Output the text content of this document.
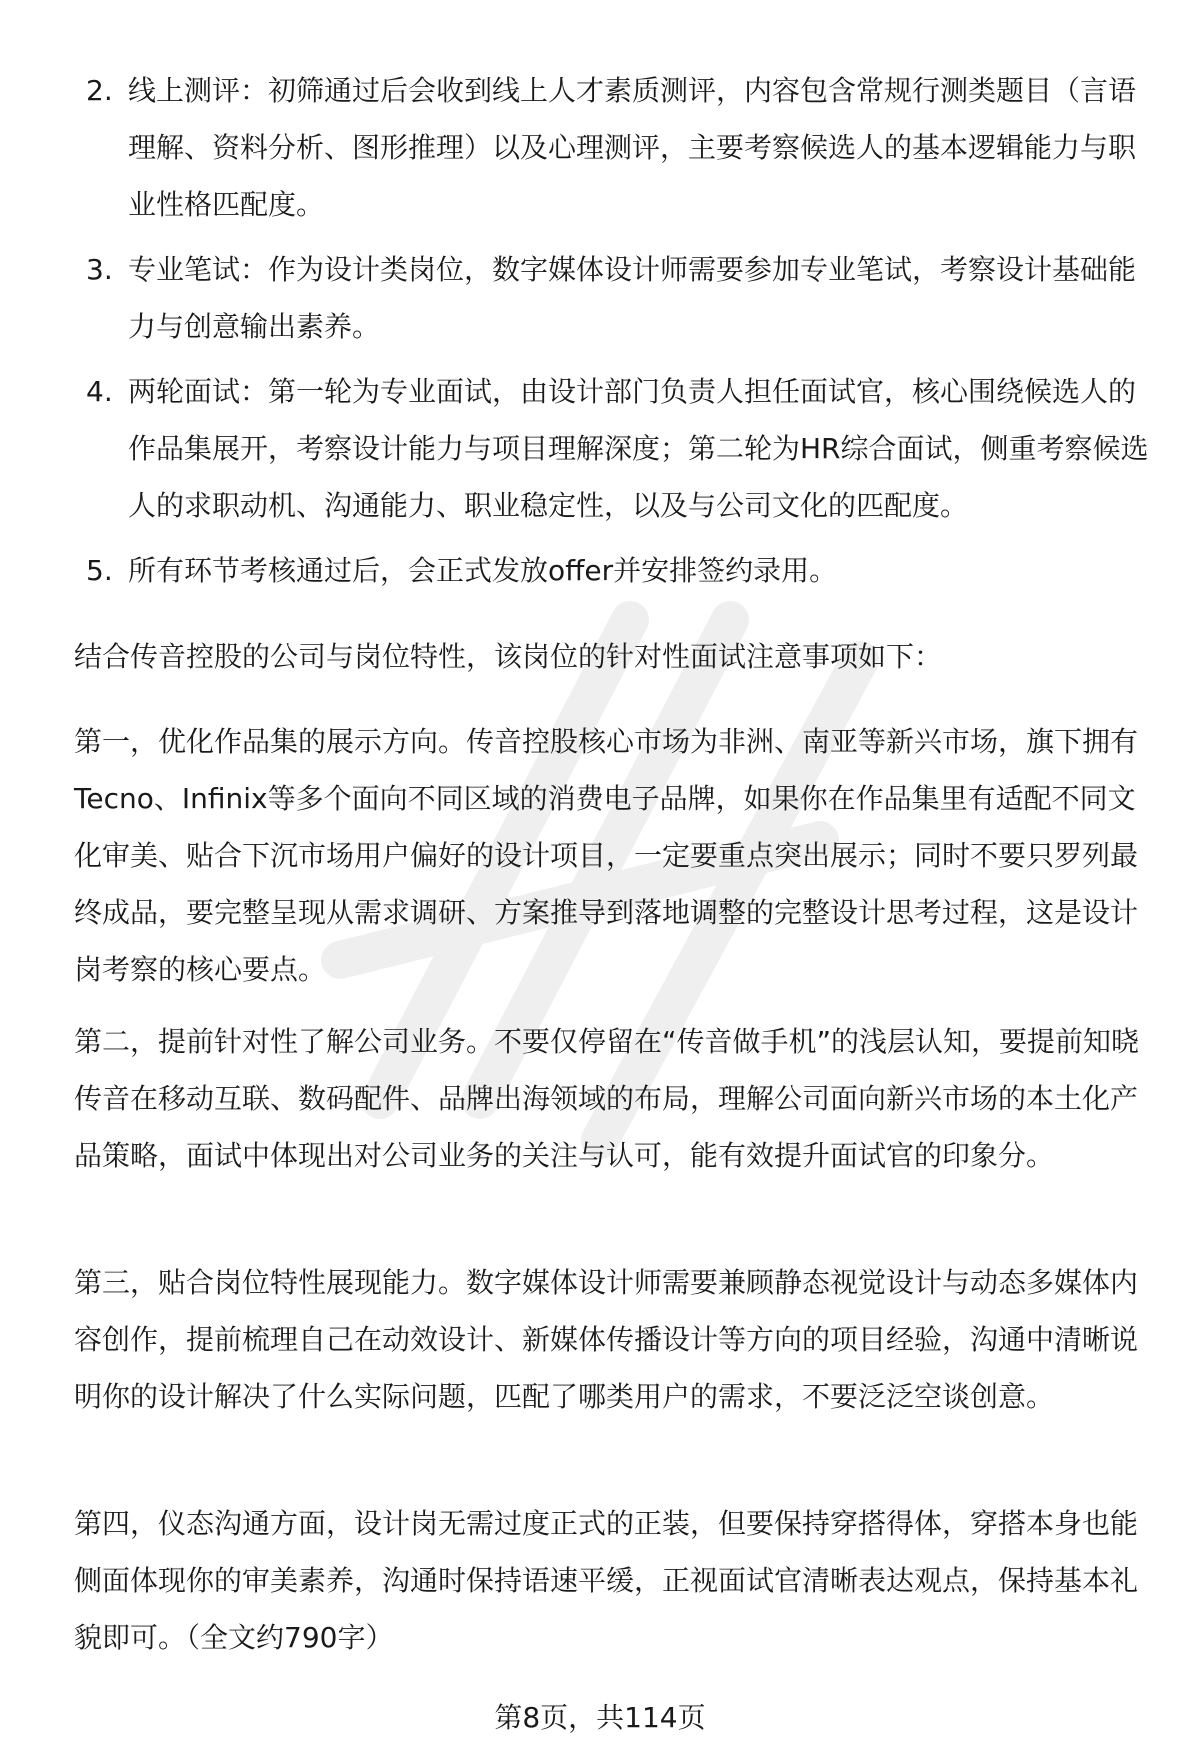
2. 线上测评：初筛通过后会收到线上人才素质测评，内容包含常规行测类题目（言语理解、资料分析、图形推理）以及心理测评，主要考察候选人的基本逻辑能力与职业性格匹配度。
3. 专业笔试：作为设计类岗位，数字媒体设计师需要参加专业笔试，考察设计基础能力与创意输出素养。
4. 两轮面试：第一轮为专业面试，由设计部门负责人担任面试官，核心围绕候选人的作品集展开，考察设计能力与项目理解深度；第二轮为HR综合面试，侧重考察候选人的求职动机、沟通能力、职业稳定性，以及与公司文化的匹配度。
5. 所有环节考核通过后，会正式发放offer并安排签约录用。

结合传音控股的公司与岗位特性，该岗位的针对性面试注意事项如下：

第一，优化作品集的展示方向。传音控股核心市场为非洲、南亚等新兴市场，旗下拥有Tecno、Infinix等多个面向不同区域的消费电子品牌，如果你在作品集里有适配不同文化审美、贴合下沉市场用户偏好的设计项目，一定要重点突出展示；同时不要只罗列最终成品，要完整呈现从需求调研、方案推导到落地调整的完整设计思考过程，这是设计岗考察的核心要点。

第二，提前针对性了解公司业务。不要仅停留在“传音做手机”的浅层认知，要提前知晓传音在移动互联、数码配件、品牌出海领域的布局，理解公司面向新兴市场的本土化产品策略，面试中体现出对公司业务的关注与认可，能有效提升面试官的印象分。

第三，贴合岗位特性展现能力。数字媒体设计师需要兼顾静态视觉设计与动态多媒体内容创作，提前梳理自己在动效设计、新媒体传播设计等方向的项目经验，沟通中清晰说明你的设计解决了什么实际问题，匹配了哪类用户的需求，不要泛泛空谈创意。

第四，仪态沟通方面，设计岗无需过度正式的正装，但要保持穿搭得体，穿搭本身也能侧面体现你的审美素养，沟通时保持语速平缓，正视面试官清晰表达观点，保持基本礼貌即可。（全文约790字）

第8页，共114页
